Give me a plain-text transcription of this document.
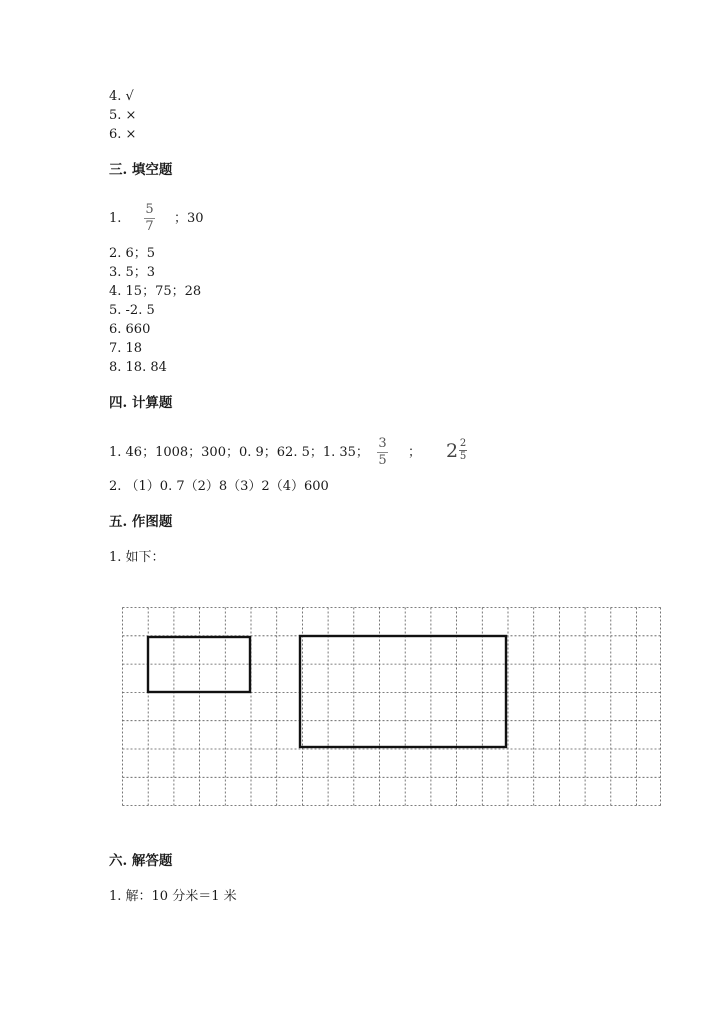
4. √
5. ×
6. ×
三. 填空题
1.
5
7
；30
2. 6；5
3. 5；3
4. 15；75；28
5. -2. 5
6. 660
7. 18
8. 18. 84
四. 计算题
1. 46；1008；300；0. 9；62. 5；1. 35；
3
5
； 2 2
5
2. （1）0. 7（2）8（3）2（4）600
五. 作图题
1. 如下：
六. 解答题
1. 解：10 分米＝1 米
